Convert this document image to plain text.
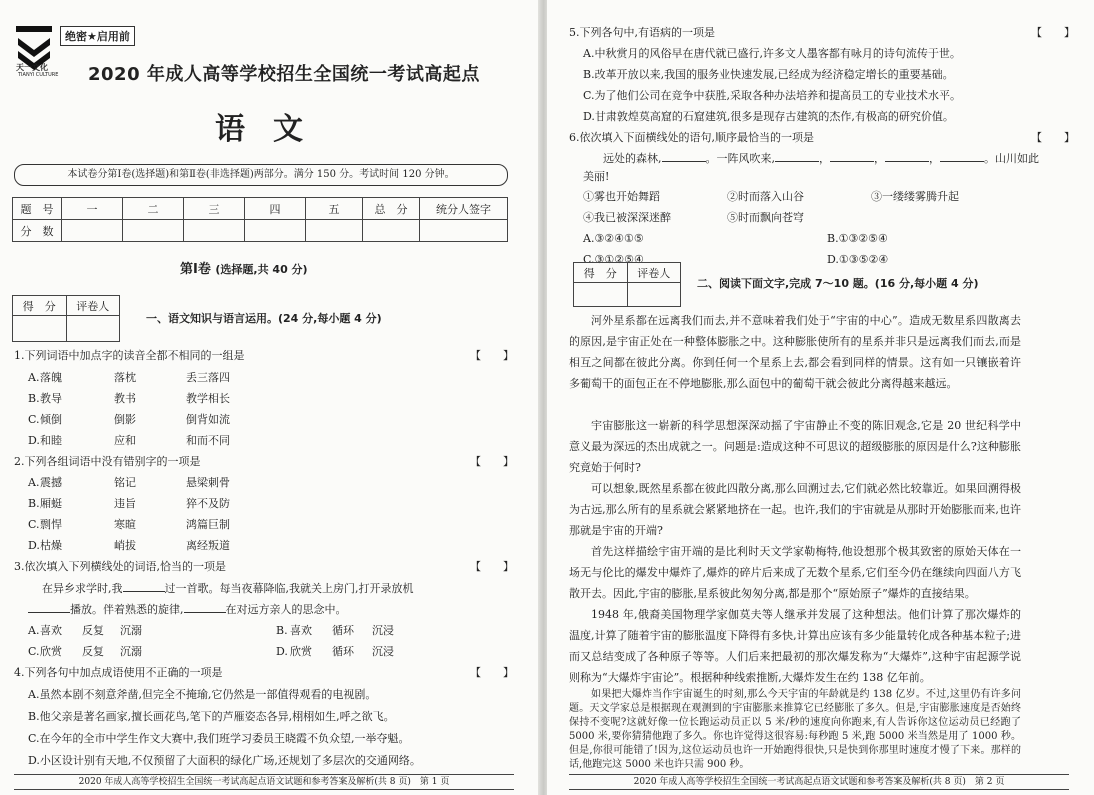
天一文化
TIANYI CULTURE
绝密★启用前
2020 年成人高等学校招生全国统一考试高起点
语文
本试卷分第Ⅰ卷(选择题)和第Ⅱ卷(非选择题)两部分。满分 150 分。考试时间 120 分钟。
题　号	一	二	三	四	五	总　分	统分人签字
分　数							
第Ⅰ卷 (选择题,共 40 分)
得　分	评卷人

一、语文知识与语言运用。(24 分,每小题 4 分)
1.下列词语中加点字的读音全都不相同的一组是	【　　】
A. 落魄	落枕	丢三落四
B. 教导	教书	教学相长
C. 倾倒	倒影	倒背如流
D. 和睦	应和	和而不同
2.下列各组词语中没有错别字的一项是	【　　】
A. 震撼	铭记	悬梁刺骨
B. 厢蜓	违旨	猝不及防
C. 剽悍	寒暄	鸿篇巨制
D. 枯燥	峭拔	离经叛道
3.依次填入下列横线处的词语,恰当的一项是	【　　】
在异乡求学时,我	过一首歌。每当夜幕降临,我就关上房门,打开录放机
播放。伴着熟悉的旋律,	在对远方亲人的思念中。
A. 喜欢 反复 沉溺	B. 喜欢 循环 沉浸
C. 欣赏 反复 沉溺	D. 欣赏 循环 沉浸
4.下列各句中加点成语使用不正确的一项是	【　　】
A.虽然本剧不刻意斧凿,但完全不掩瑜,它仍然是一部值得观看的电视剧。
B.他父亲是著名画家,擅长画花鸟,笔下的芦雁姿态各异,栩栩如生,呼之欲飞。
C.在今年的全市中学生作文大赛中,我们班学习委员王晓霞不负众望,一举夺魁。
D.小区设计别有天地,不仅预留了大面积的绿化广场,还规划了多层次的交通网络。
2020 年成人高等学校招生全国统一考试高起点语文试题和参考答案及解析(共 8 页)　第 1 页
5.下列各句中,有语病的一项是	【　　】
A.中秋赏月的风俗早在唐代就已盛行,许多文人墨客都有咏月的诗句流传于世。
B.改革开放以来,我国的服务业快速发展,已经成为经济稳定增长的重要基础。
C.为了他们公司在竞争中获胜,采取各种办法培养和提高员工的专业技术水平。
D.甘肃敦煌莫高窟的石窟建筑,很多是现存古建筑的杰作,有极高的研究价值。
6.依次填入下面横线处的语句,顺序最恰当的一项是	【　　】
远处的森林,	。一阵风吹来,	，	，	，	。山川如此
美丽!
①雾也开始舞蹈	②时而落入山谷	③一缕缕雾腾升起
④我已被深深迷醉	⑤时而飘向苍穹
A.③②④①⑤	B.①③②⑤④
C.③①②⑤④	D.①③⑤②④
得　分	评卷人

二、阅读下面文字,完成 7～10 题。(16 分,每小题 4 分)
河外星系都在远离我们而去,并不意味着我们处于“宇宙的中心”。造成无数星系四散离去的原因,是宇宙正处在一种整体膨胀之中。这种膨胀使所有的星系并非只是远离我们而去,而是相互之间都在彼此分离。你到任何一个星系上去,都会看到同样的情景。这有如一只镶嵌着许多葡萄干的面包正在不停地膨胀,那么面包中的葡萄干就会彼此分离得越来越远。
宇宙膨胀这一崭新的科学思想深深动摇了宇宙静止不变的陈旧观念,它是 20 世纪科学中意义最为深远的杰出成就之一。问题是:造成这种不可思议的超级膨胀的原因是什么?这种膨胀究竟始于何时?
可以想象,既然星系都在彼此四散分离,那么回溯过去,它们就必然比较靠近。如果回溯得极为古远,那么所有的星系就会紧紧地挤在一起。也许,我们的宇宙就是从那时开始膨胀而来,也许那就是宇宙的开端?
首先这样描绘宇宙开端的是比利时天文学家勒梅特,他设想那个极其致密的原始天体在一场无与伦比的爆发中爆炸了,爆炸的碎片后来成了无数个星系,它们至今仍在继续向四面八方飞散开去。因此,宇宙的膨胀,星系彼此匆匆分离,都是那个“原始原子”爆炸的直接结果。
1948 年,俄裔美国物理学家伽莫夫等人继承并发展了这种想法。他们计算了那次爆炸的温度,计算了随着宇宙的膨胀温度下降得有多快,计算出应该有多少能量转化成各种基本粒子;进而又总结变成了各种原子等等。人们后来把最初的那次爆发称为“大爆炸”,这种宇宙起源学说则称为“大爆炸宇宙论”。根据种种线索推断,大爆炸发生在约 138 亿年前。
如果把大爆炸当作宇宙诞生的时刻,那么今天宇宙的年龄就是约 138 亿岁。不过,这里仍有许多问题。天文学家总是根据现在观测到的宇宙膨胀来推算它已经膨胀了多久。但是,宇宙膨胀速度是否始终保持不变呢?这就好像一位长跑运动员正以 5 米/秒的速度向你跑来,有人告诉你这位运动员已经跑了 5000 米,要你猜猜他跑了多久。你也许觉得这很容易:每秒跑 5 米,跑 5000 米当然是用了 1000 秒。但是,你很可能错了!因为,这位运动员也许一开始跑得很快,只是快到你那里时速度才慢了下来。那样的话,他跑完这 5000 米也许只需 900 秒。
2020 年成人高等学校招生全国统一考试高起点语文试题和参考答案及解析(共 8 页)　第 2 页
